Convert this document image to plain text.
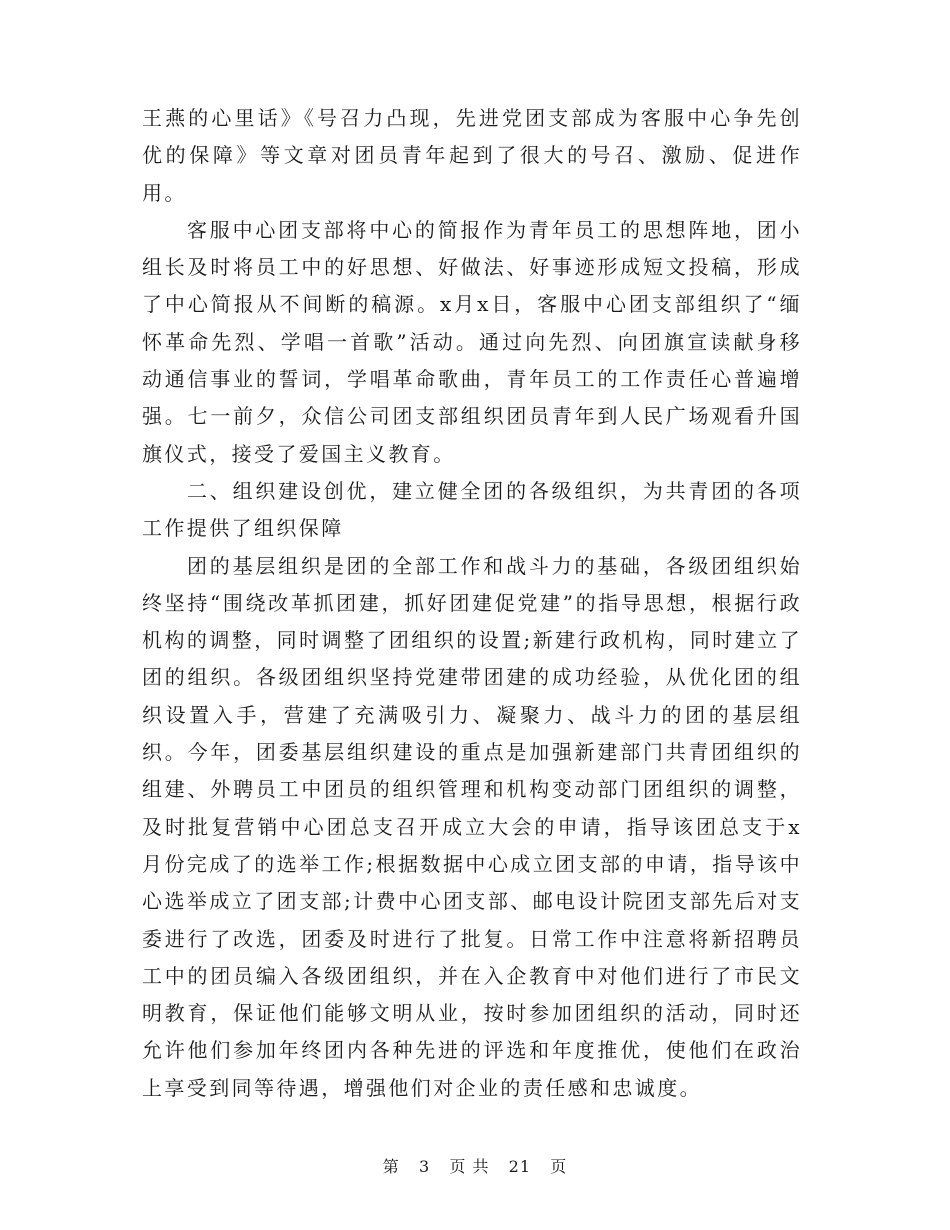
王燕的心里话》《号召力凸现，先进党团支部成为客服中心争先创优的保障》等文章对团员青年起到了很大的号召、激励、促进作用。

客服中心团支部将中心的简报作为青年员工的思想阵地，团小组长及时将员工中的好思想、好做法、好事迹形成短文投稿，形成了中心简报从不间断的稿源。x月x日，客服中心团支部组织了“缅怀革命先烈、学唱一首歌”活动。通过向先烈、向团旗宣读献身移动通信事业的誓词，学唱革命歌曲，青年员工的工作责任心普遍增强。七一前夕，众信公司团支部组织团员青年到人民广场观看升国旗仪式，接受了爱国主义教育。

二、组织建设创优，建立健全团的各级组织，为共青团的各项工作提供了组织保障

团的基层组织是团的全部工作和战斗力的基础，各级团组织始终坚持“围绕改革抓团建，抓好团建促党建”的指导思想，根据行政机构的调整，同时调整了团组织的设置;新建行政机构，同时建立了团的组织。各级团组织坚持党建带团建的成功经验，从优化团的组织设置入手，营建了充满吸引力、凝聚力、战斗力的团的基层组织。今年，团委基层组织建设的重点是加强新建部门共青团组织的组建、外聘员工中团员的组织管理和机构变动部门团组织的调整，及时批复营销中心团总支召开成立大会的申请，指导该团总支于x月份完成了的选举工作;根据数据中心成立团支部的申请，指导该中心选举成立了团支部;计费中心团支部、邮电设计院团支部先后对支委进行了改选，团委及时进行了批复。日常工作中注意将新招聘员工中的团员编入各级团组织，并在入企教育中对他们进行了市民文明教育，保证他们能够文明从业，按时参加团组织的活动，同时还允许他们参加年终团内各种先进的评选和年度推优，使他们在政治上享受到同等待遇，增强他们对企业的责任感和忠诚度。

第 3 页 共 21 页
